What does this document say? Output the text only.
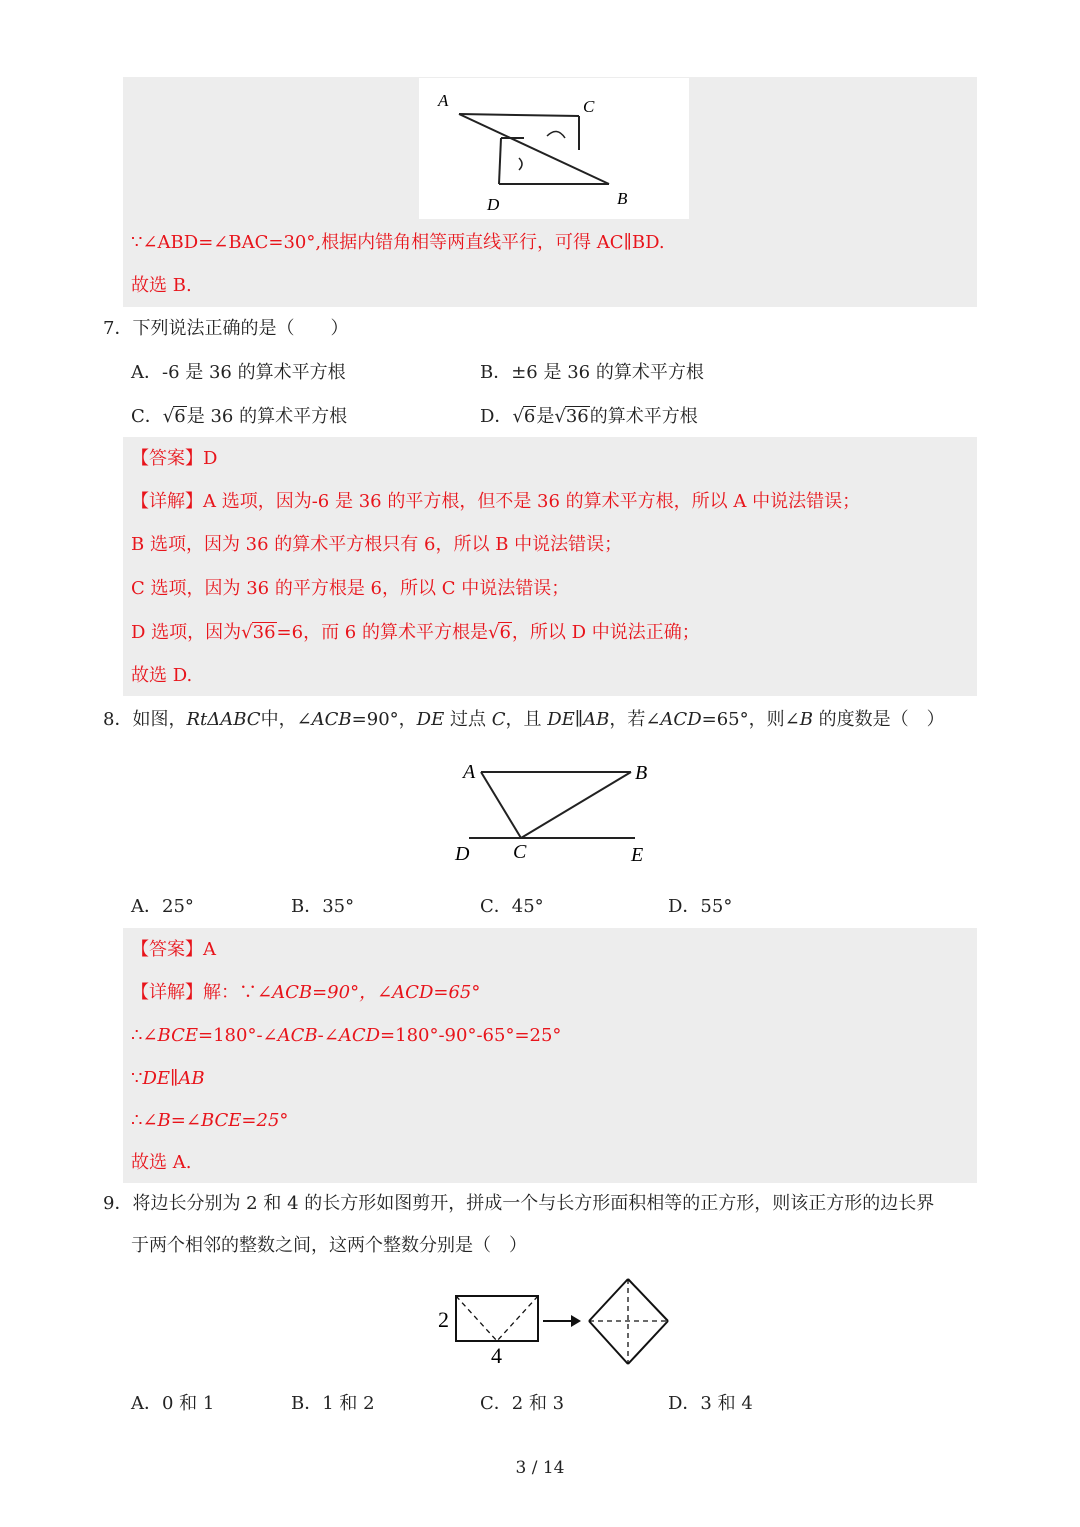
A	C
D	B
∵∠ABD=∠BAC=30°,根据内错角相等两直线平行，可得 AC∥BD.
故选 B.
7．下列说法正确的是（　　）
A．-6 是 36 的算术平方根	B．±6 是 36 的算术平方根
C．√6是 36 的算术平方根	D．√6是√36的算术平方根
【答案】D
【详解】A 选项，因为-6 是 36 的平方根，但不是 36 的算术平方根，所以 A 中说法错误；
B 选项，因为 36 的算术平方根只有 6，所以 B 中说法错误；
C 选项，因为 36 的平方根是 6，所以 C 中说法错误；
D 选项，因为√36=6，而 6 的算术平方根是√6，所以 D 中说法正确；
故选 D.
8．如图，RtΔABC中，∠ACB=90°，DE 过点 C，且 DE∥AB，若∠ACD=65°，则∠B 的度数是（　）
A	B
D C	E
A．25°	B．35°	C．45°	D．55°
【答案】A
【详解】解：∵∠ACB=90°，∠ACD=65°
∴∠BCE=180°-∠ACB-∠ACD=180°-90°-65°=25°
∵DE∥AB
∴∠B=∠BCE=25°
故选 A.
9．将边长分别为 2 和 4 的长方形如图剪开，拼成一个与长方形面积相等的正方形，则该正方形的边长界
于两个相邻的整数之间，这两个整数分别是（　）
2
4
A．0 和 1	B．1 和 2	C．2 和 3	D．3 和 4
3 / 14
